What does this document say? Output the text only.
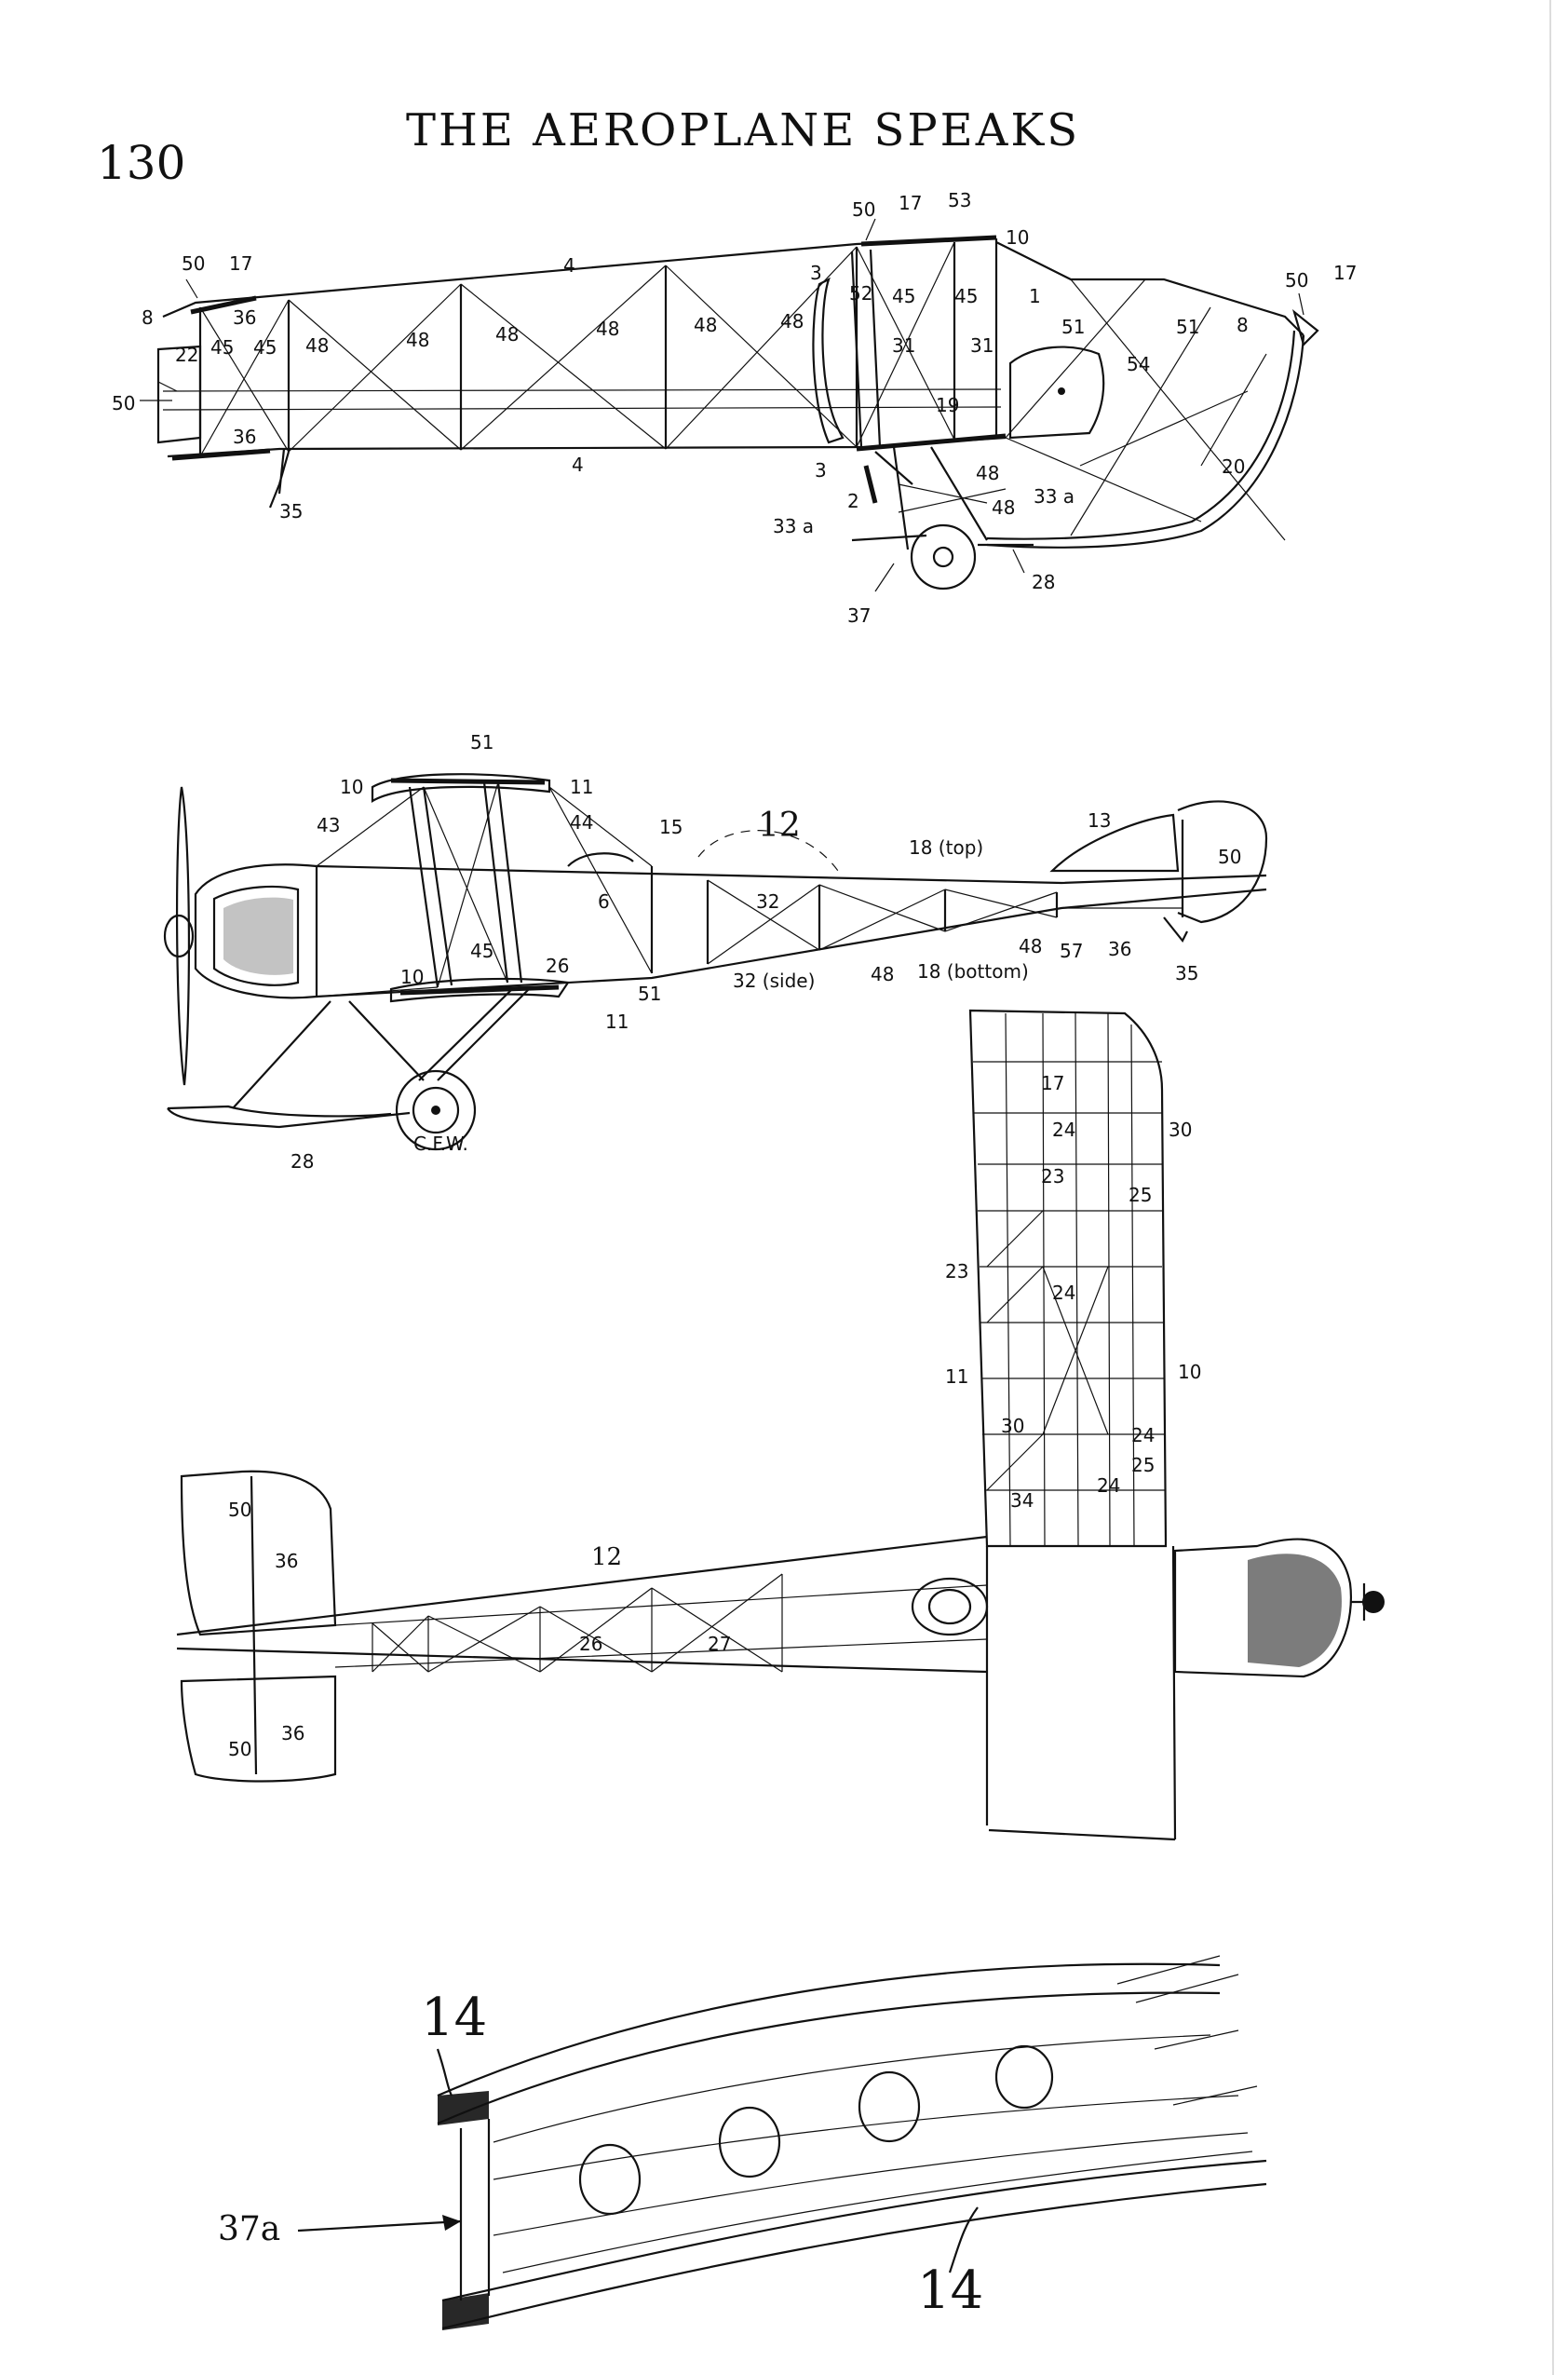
130
THE AEROPLANE SPEAKS
50 17
8	36
22 45
50
36
45 48	48	48	48	48	48
4
4
35
50 17 53
10
3
52 45 45	1
31	31
19
3
51	51 8
54
50 17
20
48
33 a
48
2
33 a
28
37
51
10	11
44
43	15 12
18 (top)
13
50
6	32
45
10	26
51
11
32 (side)	48 18 (bottom)
48 57 36
35
28
C.F.W.
17
24	30
23
25
23
24
11	10
30	24
25
34
24
50
36	12
26	27
36
50
14
37a
14
